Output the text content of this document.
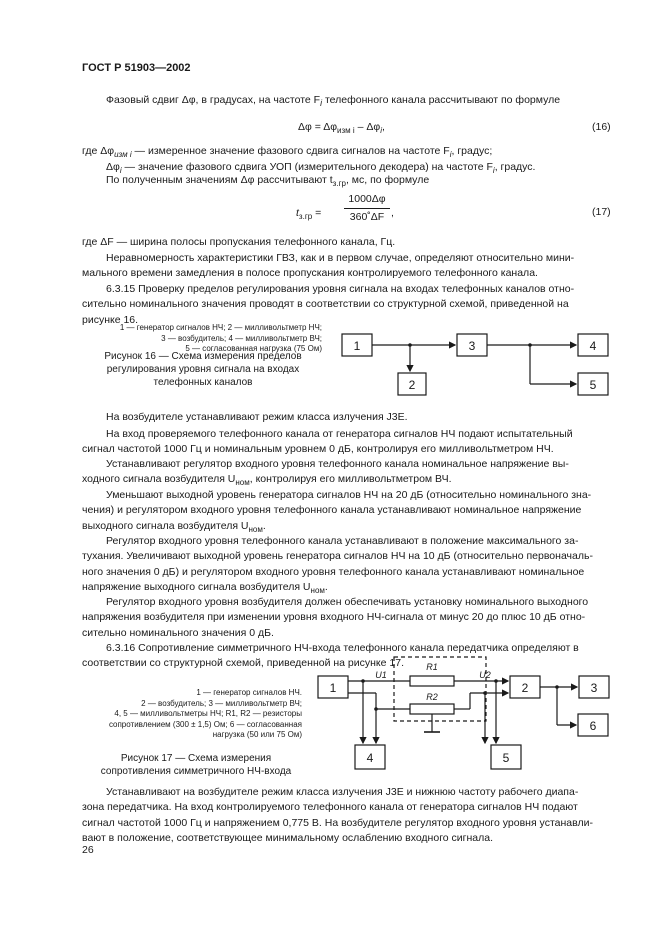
ГОСТ Р 51903—2002
Фазовый сдвиг Δφ, в градусах, на частоте $F_i$ телефонного канала рассчитывают по формуле
$\Delta\varphi = \Delta\varphi_{изм i} - \Delta\varphi_i$,	(16)
где $\Delta\varphi_{изм i}$ — измеренное значение фазового сдвига сигналов на частоте $F_i$, градус;
$\Delta\varphi_i$ — значение фазового сдвига УОП (измерительного декодера) на частоте $F_i$, градус.
По полученным значениям Δφ рассчитывают $t_{з.гр}$, мс, по формуле
$t_{з.гр}$ =
1000Δφ
360˚ΔF ,	(17)
где ΔF — ширина полосы пропускания телефонного канала, Гц.
Неравномерность характеристики ГВЗ, как и в первом случае, определяют относительно мини-
мального времени замедления в полосе пропускания контролируемого телефонного канала.
6.3.15 Проверку пределов регулирования уровня сигнала на входах телефонных каналов отно-
сительно номинального значения проводят в соответствии со структурной схемой, приведенной на
рисунке 16.
1 — генератор сигналов НЧ; 2 — милливольтметр НЧ;
3 — возбудитель; 4 — милливольтметр ВЧ;
5 — согласованная нагрузка (75 Ом)
Рисунок 16 — Схема измерения пределов
регулирования уровня сигнала на входах
телефонных каналов
1
2
3	4
5
На возбудителе устанавливают режим класса излучения J3E.
На вход проверяемого телефонного канала от генератора сигналов НЧ подают испытательный
сигнал частотой 1000 Гц и номинальным уровнем 0 дБ, контролируя его милливольтметром НЧ.
Устанавливают регулятор входного уровня телефонного канала номинальное напряжение вы-
ходного сигнала возбудителя $U_{ном}$, контролируя его милливольтметром ВЧ.
Уменьшают выходной уровень генератора сигналов НЧ на 20 дБ (относительно номинального зна-
чения) и регулятором входного уровня телефонного канала устанавливают номинальное напряжение
выходного сигнала возбудителя $U_{ном}$.
Регулятор входного уровня телефонного канала устанавливают в положение максимального за-
тухания. Увеличивают выходной уровень генератора сигналов НЧ на 10 дБ (относительно первоначаль-
ного значения 0 дБ) и регулятором входного уровня телефонного канала устанавливают номинальное
напряжение выходного сигнала возбудителя $U_{ном}$.
Регулятор входного уровня возбудителя должен обеспечивать установку номинального выходного
напряжения возбудителя при изменении уровня входного НЧ-сигнала от минус 20 до плюс 10 дБ отно-
сительно номинального значения 0 дБ.
6.3.16 Сопротивление симметричного НЧ-входа телефонного канала передатчика определяют в
соответствии со структурной схемой, приведенной на рисунке 17.
1 — генератор сигналов НЧ.
2 — возбудитель; 3 — милливольтметр ВЧ;
4, 5 — милливольтметры НЧ; R1, R2 — резисторы
сопротивлением (300 ± 1,5) Ом; 6 — согласованная
нагрузка (50 или 75 Ом)
Рисунок 17 — Схема измерения
сопротивления симметричного НЧ-входа
1	2	3
4	5
6
R1
R2
U1	U2
Устанавливают на возбудителе режим класса излучения J3E и нижнюю частоту рабочего диапа-
зона передатчика. На вход контролируемого телефонного канала от генератора сигналов НЧ подают
сигнал частотой 1000 Гц и напряжением 0,775 В. На возбудителе регулятор входного уровня устанавли-
вают в положение, соответствующее минимальному ослаблению входного сигнала.
26
